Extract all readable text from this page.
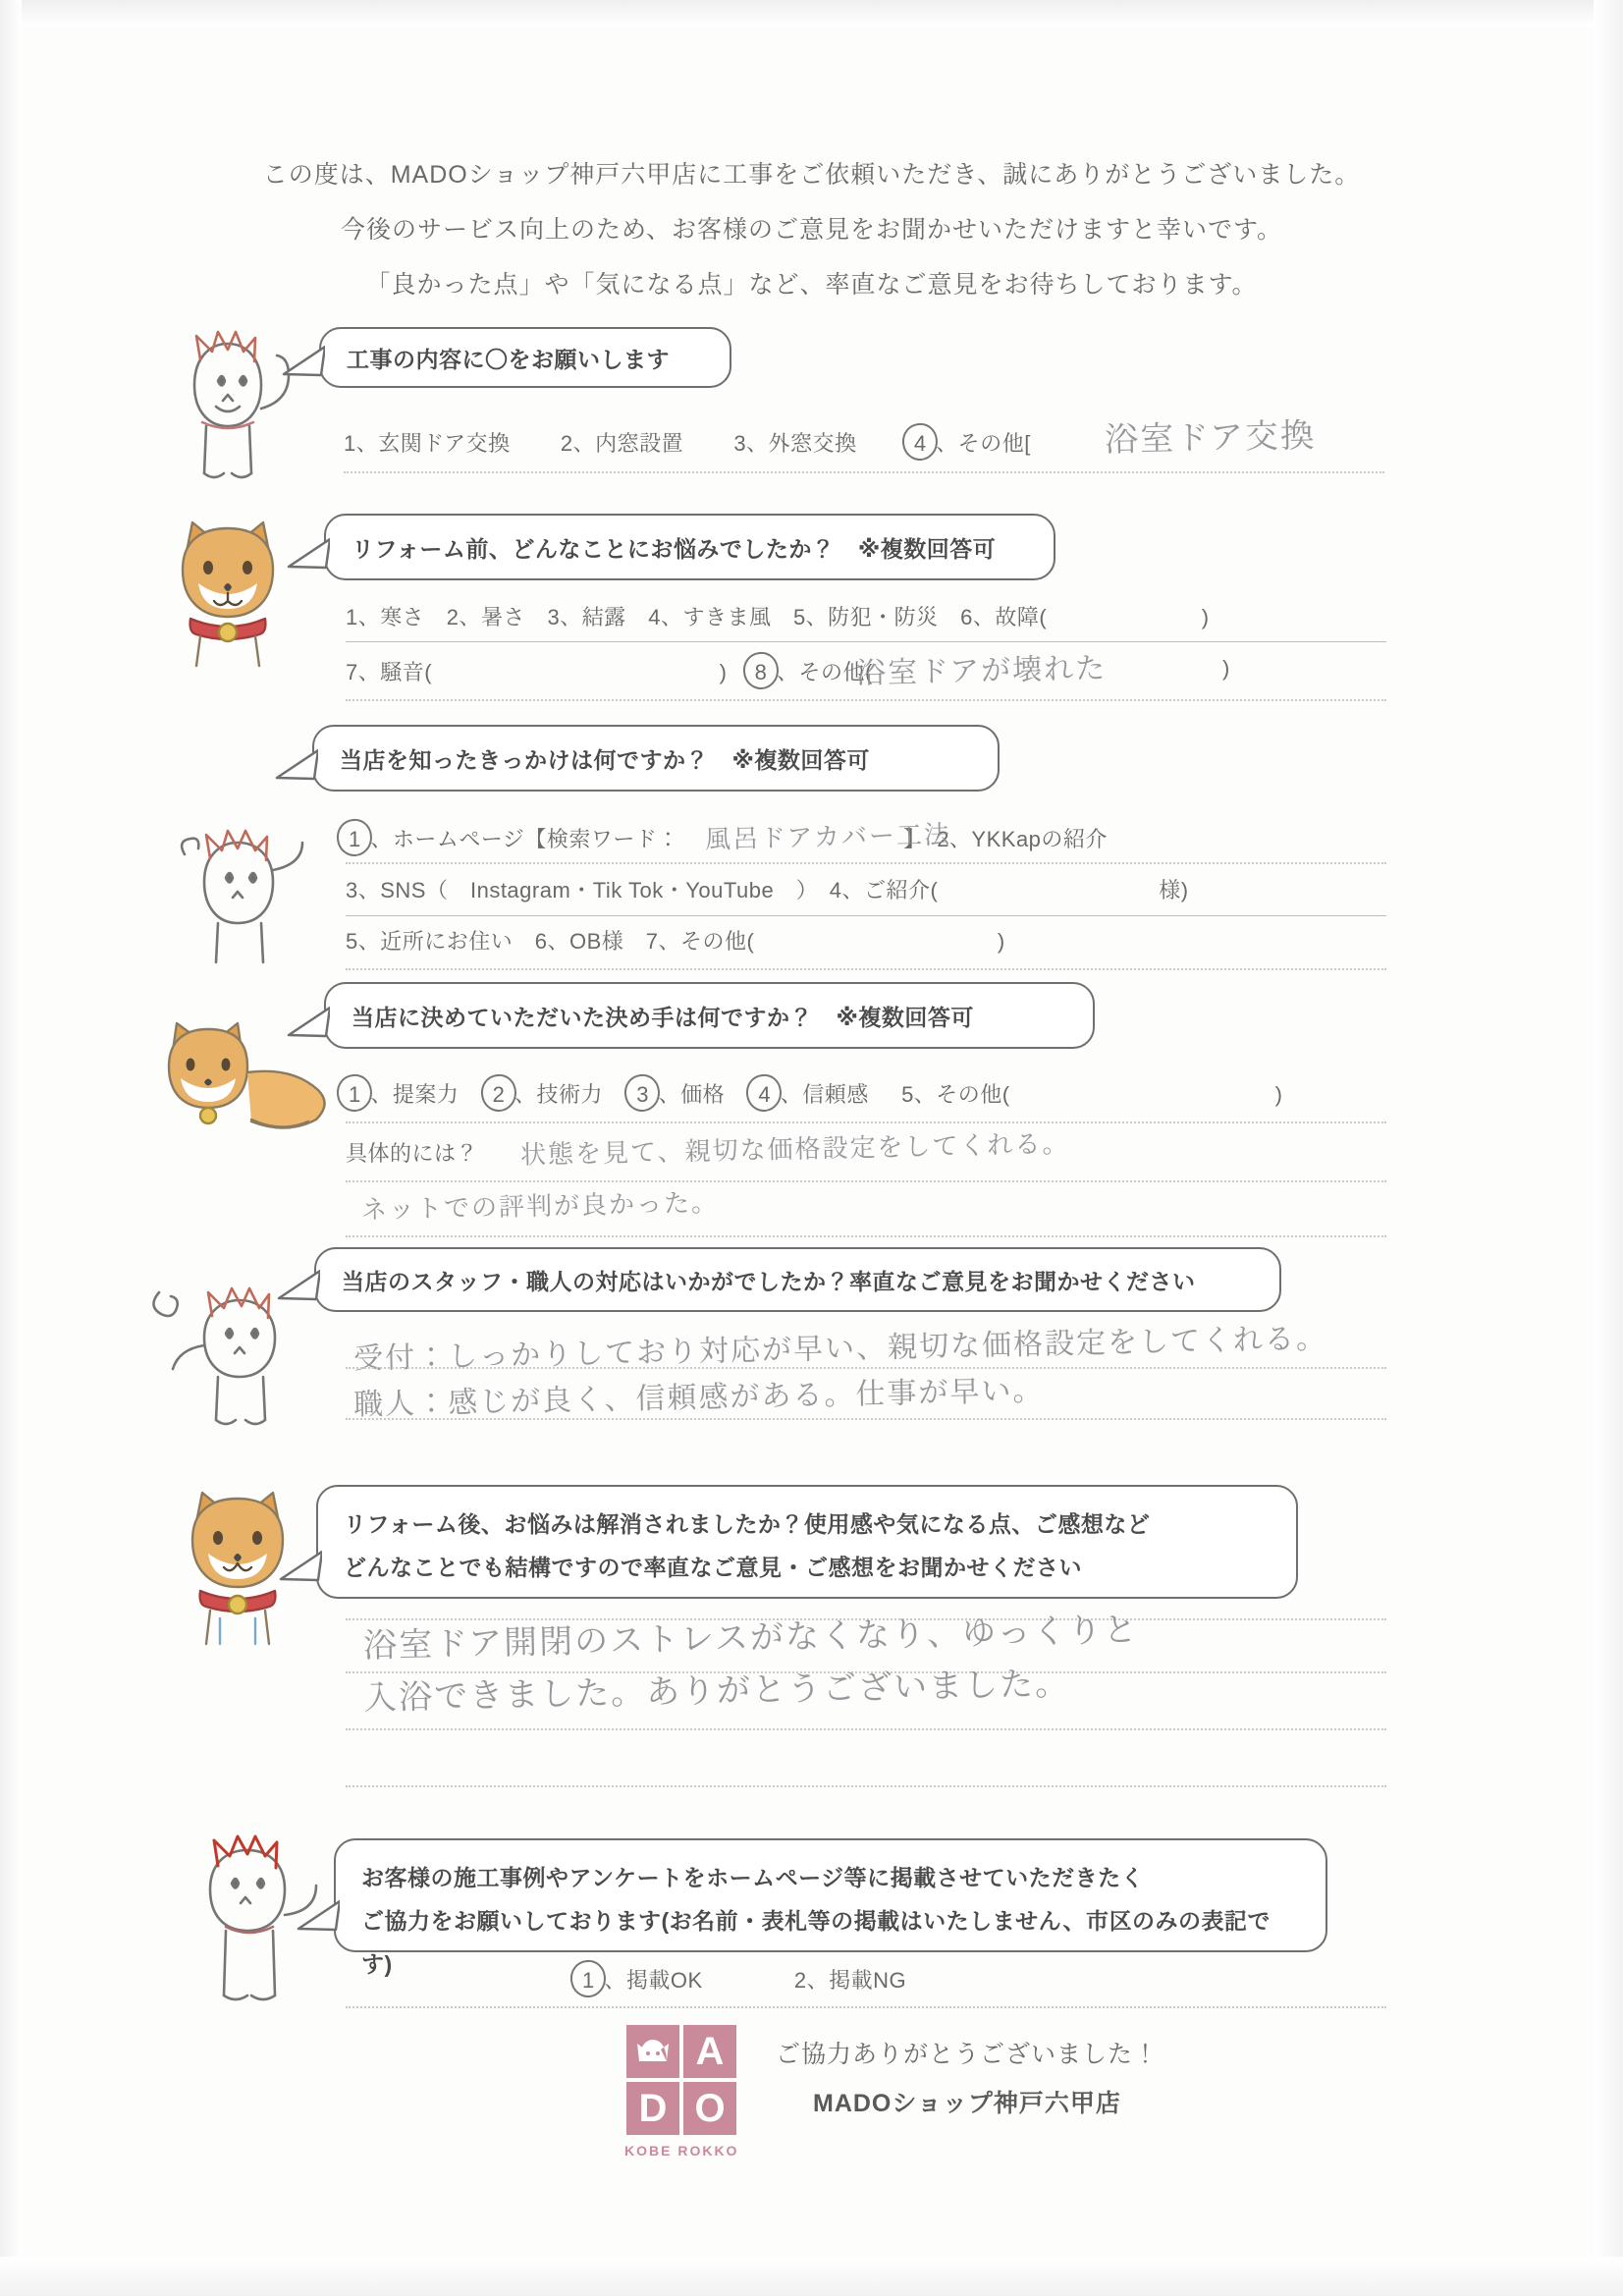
この度は、MADOショップ神戸六甲店に工事をご依頼いただき、誠にありがとうございました。
今後のサービス向上のため、お客様のご意見をお聞かせいただけますと幸いです。
「良かった点」や「気になる点」など、率直なご意見をお待ちしております。
工事の内容に〇をお願いします
1、玄関ドア交換 2、内窓設置 3、外窓交換	4 、その他[ 浴室ドア交換
リフォーム前、どんなことにお悩みでしたか？　※複数回答可
1、寒さ　2、暑さ　3、結露　4、すきま風　5、防犯・防災　6、故障(　　　　　　　)
7、騒音(　　　　　　　　　　　　　) 8 、その他(
浴室ドアが壊れた	)
当店を知ったきっかけは何ですか？　※複数回答可
1 、ホームページ【検索ワード：	】　2、YKKapの紹介
風呂ドアカバー工法
3、SNS（　Instagram・Tik Tok・YouTube　）　4、ご紹介(　　　　　　　　　　様)
5、近所にお住い　6、OB様　7、その他(　　　　　　　　　　　)
当店に決めていただいた決め手は何ですか？　※複数回答可
1 、提案力 2 、技術力 3 、価格 4 、信頼感 5、その他(　　　　　　　　　　　　)
具体的には？ 状態を見て、親切な価格設定をしてくれる。
ネットでの評判が良かった。
当店のスタッフ・職人の対応はいかがでしたか？率直なご意見をお聞かせください
受付：しっかりしており対応が早い、親切な価格設定をしてくれる。
職人：感じが良く、信頼感がある。仕事が早い。
リフォーム後、お悩みは解消されましたか？使用感や気になる点、ご感想など
どんなことでも結構ですので率直なご意見・ご感想をお聞かせください
浴室ドア開閉のストレスがなくなり、ゆっくりと
入浴できました。ありがとうございました。
お客様の施工事例やアンケートをホームページ等に掲載させていただきたく
ご協力をお願いしております(お名前・表札等の掲載はいたしません、市区のみの表記です)
1 、掲載OK	2、掲載NG
A
D O
KOBE ROKKO
ご協力ありがとうございました！
MADOショップ神戸六甲店
